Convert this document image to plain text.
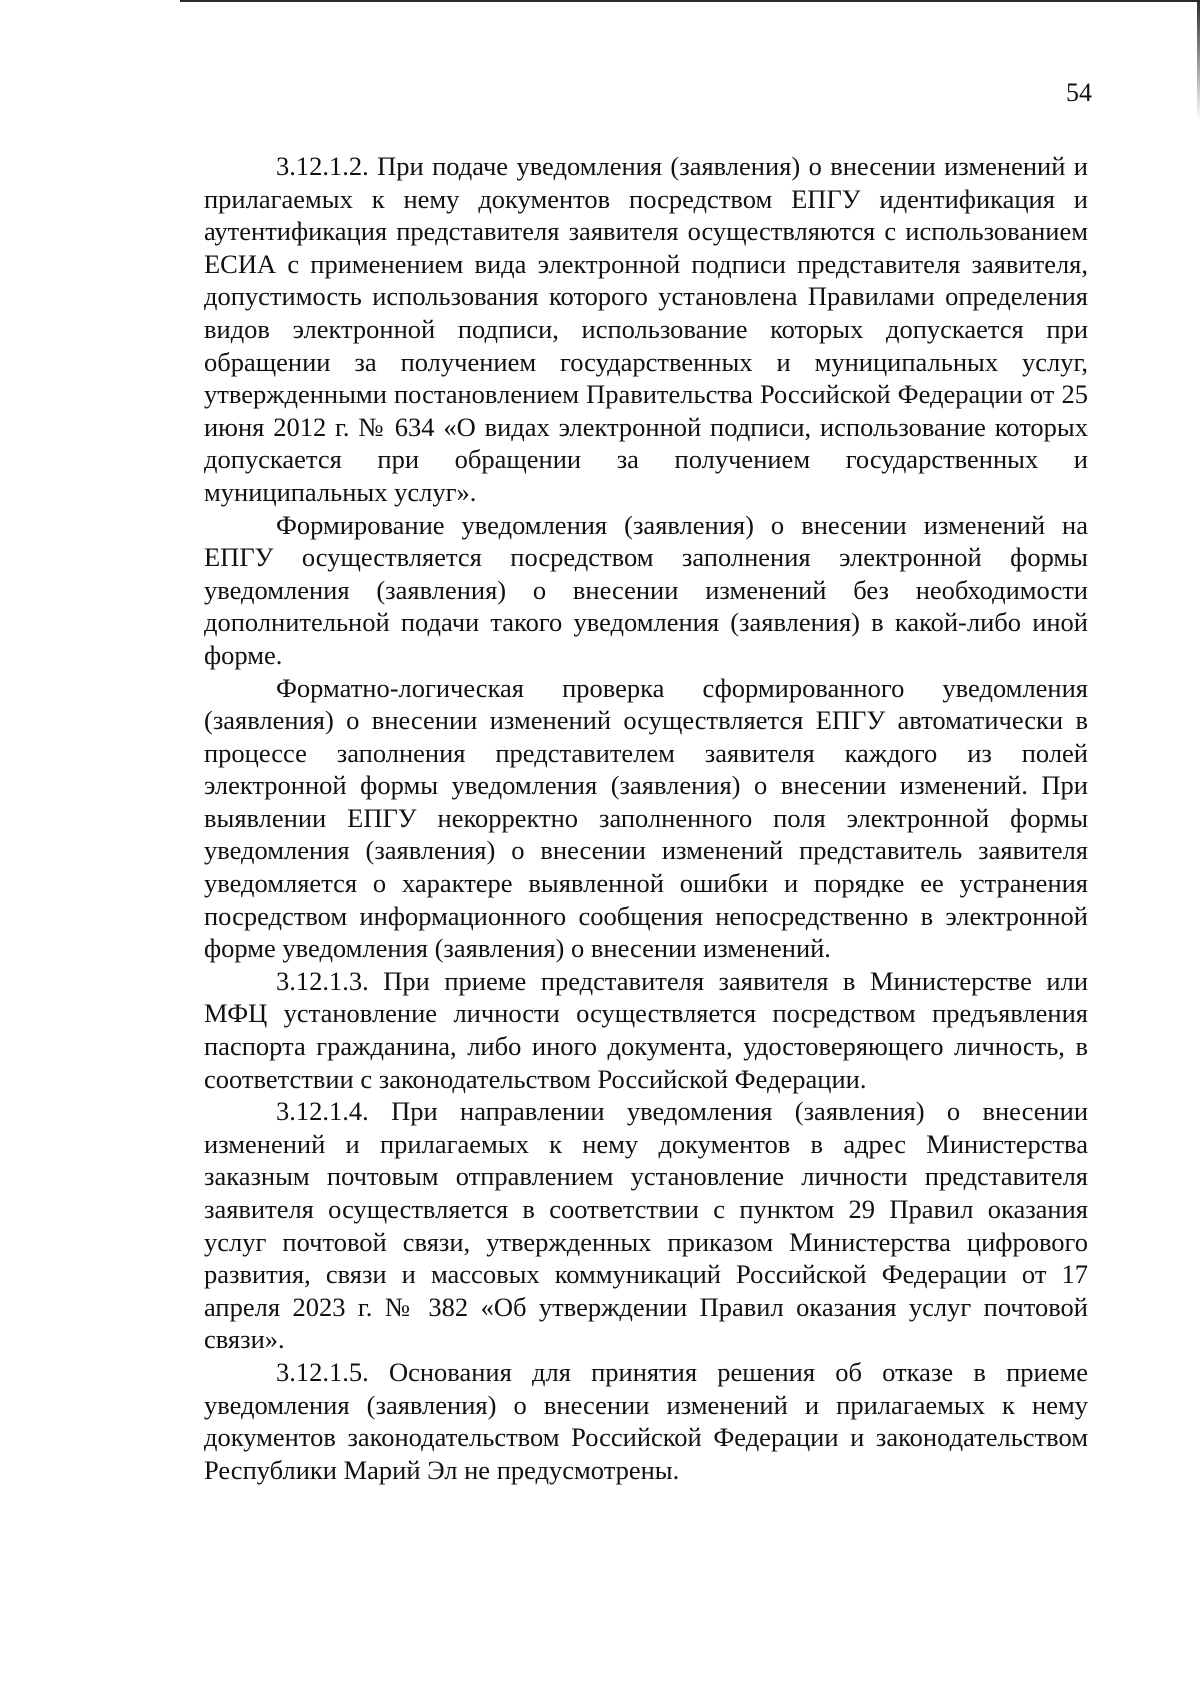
54

3.12.1.2. При подаче уведомления (заявления) о внесении изменений и прилагаемых к нему документов посредством ЕПГУ идентификация и аутентификация представителя заявителя осуществляются с использованием ЕСИА с применением вида электронной подписи представителя заявителя, допустимость использования которого установлена Правилами определения видов электронной подписи, использование которых допускается при обращении за получением государственных и муниципальных услуг, утвержденными постановлением Правительства Российской Федерации от 25 июня 2012 г. № 634 «О видах электронной подписи, использование которых допускается при обращении за получением государственных и муниципальных услуг».

Формирование уведомления (заявления) о внесении изменений на ЕПГУ осуществляется посредством заполнения электронной формы уведомления (заявления) о внесении изменений без необходимости дополнительной подачи такого уведомления (заявления) в какой-либо иной форме.

Форматно-логическая проверка сформированного уведомления (заявления) о внесении изменений осуществляется ЕПГУ автоматически в процессе заполнения представителем заявителя каждого из полей электронной формы уведомления (заявления) о внесении изменений. При выявлении ЕПГУ некорректно заполненного поля электронной формы уведомления (заявления) о внесении изменений представитель заявителя уведомляется о характере выявленной ошибки и порядке ее устранения посредством информационного сообщения непосредственно в электронной форме уведомления (заявления) о внесении изменений.

3.12.1.3. При приеме представителя заявителя в Министерстве или МФЦ установление личности осуществляется посредством предъявления паспорта гражданина, либо иного документа, удостоверяющего личность, в соответствии с законодательством Российской Федерации.

3.12.1.4. При направлении уведомления (заявления) о внесении изменений и прилагаемых к нему документов в адрес Министерства заказным почтовым отправлением установление личности представителя заявителя осуществляется в соответствии с пунктом 29 Правил оказания услуг почтовой связи, утвержденных приказом Министерства цифрового развития, связи и массовых коммуникаций Российской Федерации от 17 апреля 2023 г. № 382 «Об утверждении Правил оказания услуг почтовой связи».

3.12.1.5. Основания для принятия решения об отказе в приеме уведомления (заявления) о внесении изменений и прилагаемых к нему документов законодательством Российской Федерации и законодательством Республики Марий Эл не предусмотрены.
